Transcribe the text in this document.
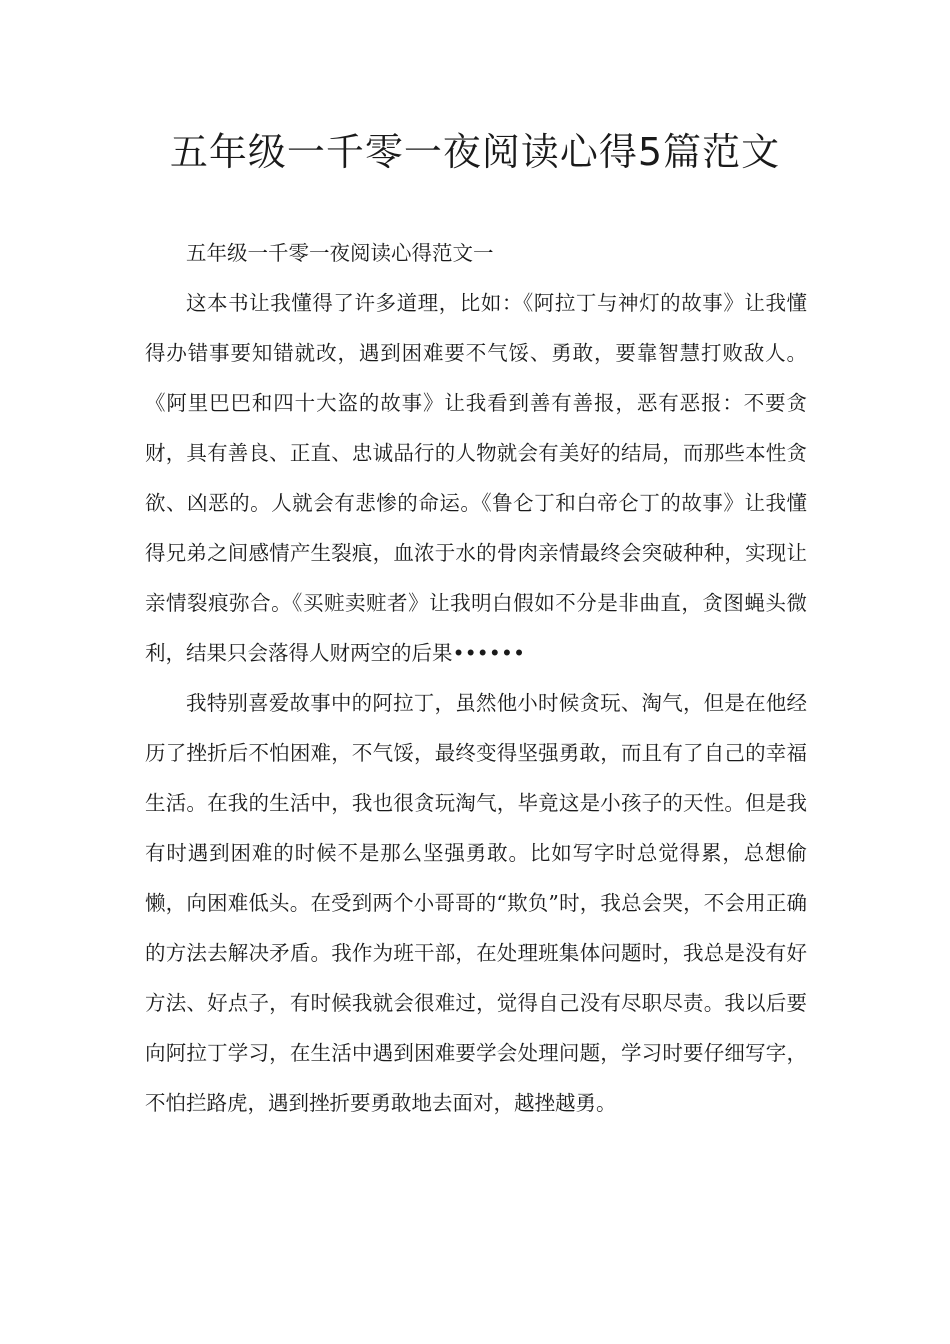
五年级一千零一夜阅读心得5篇范文

五年级一千零一夜阅读心得范文一

这本书让我懂得了许多道理，比如：《阿拉丁与神灯的故事》让我懂得办错事要知错就改，遇到困难要不气馁、勇敢，要靠智慧打败敌人。《阿里巴巴和四十大盗的故事》让我看到善有善报，恶有恶报：不要贪财，具有善良、正直、忠诚品行的人物就会有美好的结局，而那些本性贪欲、凶恶的。人就会有悲惨的命运。《鲁仑丁和白帝仑丁的故事》让我懂得兄弟之间感情产生裂痕，血浓于水的骨肉亲情最终会突破种种，实现让亲情裂痕弥合。《买赃卖赃者》让我明白假如不分是非曲直，贪图蝇头微利，结果只会落得人财两空的后果••••••

我特别喜爱故事中的阿拉丁，虽然他小时候贪玩、淘气，但是在他经历了挫折后不怕困难，不气馁，最终变得坚强勇敢，而且有了自己的幸福生活。在我的生活中，我也很贪玩淘气，毕竟这是小孩子的天性。但是我有时遇到困难的时候不是那么坚强勇敢。比如写字时总觉得累，总想偷懒，向困难低头。在受到两个小哥哥的“欺负”时，我总会哭，不会用正确的方法去解决矛盾。我作为班干部，在处理班集体问题时，我总是没有好方法、好点子，有时候我就会很难过，觉得自己没有尽职尽责。我以后要向阿拉丁学习，在生活中遇到困难要学会处理问题，学习时要仔细写字，不怕拦路虎，遇到挫折要勇敢地去面对，越挫越勇。
